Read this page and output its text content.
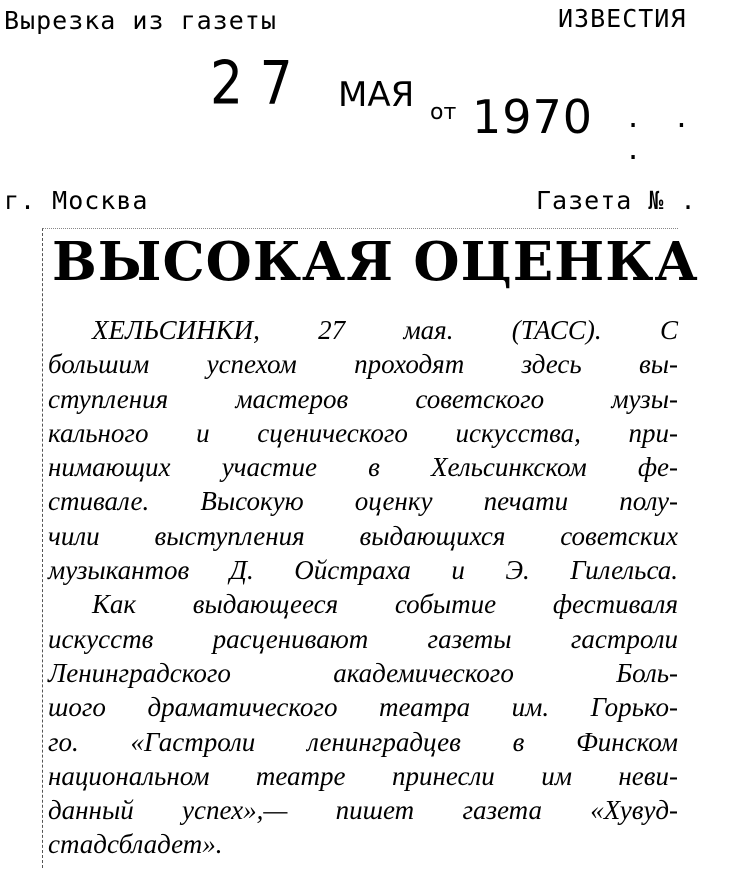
Вырезка из газеты	ИЗВЕСТИЯ
2 7 МАЯ от 1970 . . .
г. Москва	Газета № .
ВЫСОКАЯ ОЦЕНКА
ХЕЛЬСИНКИ, 27 мая. (ТАСС). С
большим успехом проходят здесь вы-
ступления мастеров советского музы-
кального и сценического искусства, при-
нимающих участие в Хельсинкском фе-
стивале. Высокую оценку печати полу-
чили выступления выдающихся советских
музыкантов Д. Ойстраха и Э. Гилельса.
Как выдающееся событие фестиваля
искусств расценивают газеты гастроли
Ленинградского академического Боль-
шого драматического театра им. Горько-
го. «Гастроли ленинградцев в Финском
национальном театре принесли им неви-
данный успех»,— пишет газета «Хувуд-
стадсбладет».
